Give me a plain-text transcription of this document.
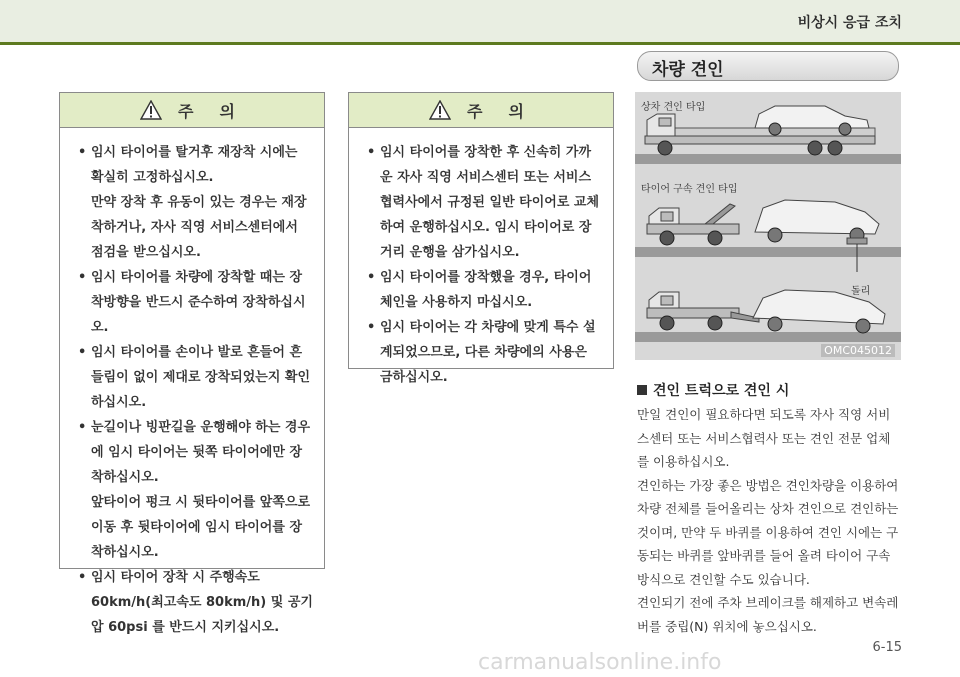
비상시 응급 조치
주의
• 임시 타이어를 탈거후 재장착 시에는 확실히 고정하십시오.
만약 장착 후 유동이 있는 경우는 재장착하거나, 자사 직영 서비스센터에서 점검을 받으십시오.
• 임시 타이어를 차량에 장착할 때는 장착방향을 반드시 준수하여 장착하십시오.
• 임시 타이어를 손이나 발로 흔들어 흔들림이 없이 제대로 장착되었는지 확인하십시오.
• 눈길이나 빙판길을 운행해야 하는 경우에 임시 타이어는 뒷쪽 타이어에만 장착하십시오.
앞타이어 펑크 시 뒷타이어를 앞쪽으로 이동 후 뒷타이어에 임시 타이어를 장착하십시오.
• 임시 타이어 장착 시 주행속도 60km/h(최고속도 80km/h) 및 공기압 60psi 를 반드시 지키십시오.
주의
• 임시 타이어를 장착한 후 신속히 가까운 자사 직영 서비스센터 또는 서비스협력사에서 규정된 일반 타이어로 교체하여 운행하십시오. 임시 타이어로 장거리 운행을 삼가십시오.
• 임시 타이어를 장착했을 경우, 타이어 체인을 사용하지 마십시오.
• 임시 타이어는 각 차량에 맞게 특수 설계되었으므로, 다른 차량에의 사용은 금하십시오.
차량 견인
상차 견인 타입
타이어 구속 견인 타입
돌리
OMC045012
견인 트럭으로 견인 시

만일 견인이 필요하다면 되도록 자사 직영 서비스센터 또는 서비스협력사 또는 견인 전문 업체를 이용하십시오.

견인하는 가장 좋은 방법은 견인차량을 이용하여 차량 전체를 들어올리는 상차 견인으로 견인하는 것이며, 만약 두 바퀴를 이용하여 견인 시에는 구동되는 바퀴를 앞바퀴를 들어 올려 타이어 구속 방식으로 견인할 수도 있습니다.

견인되기 전에 주차 브레이크를 해제하고 변속레버를 중립(N) 위치에 놓으십시오.

6-15
carmanualsonline.info
